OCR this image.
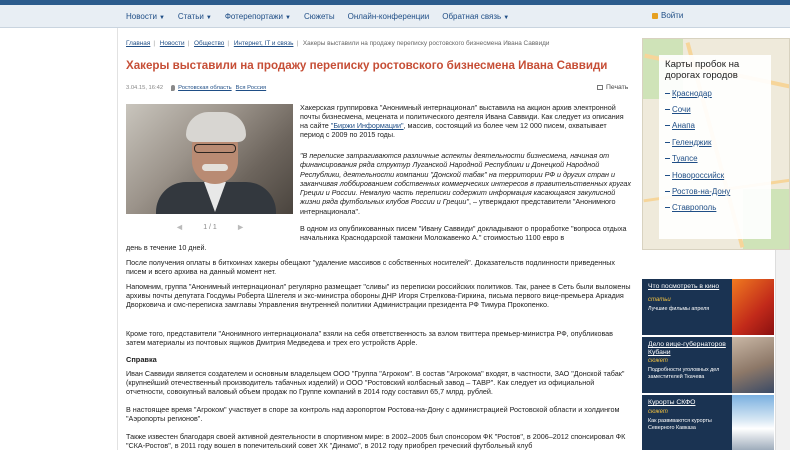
Новости ▼ Статьи ▼ Фотерепортажи ▼ Сюжеты Онлайн-конференции Обратная связь ▼	Войти
Главная | Новости | Общество | Интернет, IT и связь | Хакеры выставили на продажу переписку ростовского бизнесмена Ивана Саввиди
Хакеры выставили на продажу переписку ростовского бизнесмена Ивана Саввиди
3.04.15, 16:42	Ростовская область Вся Россия	Печать
◄	1 / 1 ►

Хакерская группировка "Анонимный интернационал" выставила на акцион архив электронной почты бизнесмена, мецената и политического деятеля Ивана Саввиди. Как следует из описания на сайте "Биржи Информации", массив, состоящий из более чем 12 000 писем, охватывает период с 2009 по 2015 годы.

"В переписке затрагиваются различные аспекты деятельности бизнесмена, начиная от финансирования ряда структур Луганской Народной Республики и Донецкой Народной Республики, деятельности компании "Донской табак" на территории РФ и других стран и заканчивая лоббированием собственных коммерческих интересов в правительственных кругах Греции и России. Немалую часть переписки содержит информация касающаяся закулисной жизни ряда футбольных клубов России и Греции", – утверждают представители "Анонимного интернационала".

В одном из опубликованных писем "Ивану Саввиди" докладывают о проработке "вопроса отдыха начальника Краснодарской таможни Моложавенко А." стоимостью 1100 евро в

день в течение 10 дней.

После получения оплаты в биткоинах хакеры обещают "удаление массивов с собственных носителей". Доказательств подлинности приведенных писем и всего архива на данный момент нет.

Напомним, группа "Анонимный интернационал" регулярно размещает "сливы" из переписки российских политиков. Так, ранее в Сеть были выложены архивы почты депутата Госдумы Роберта Шлегеля и экс-министра обороны ДНР Игоря Стрелкова-Гиркина, письма первого вице-премьера Аркадия Дворковича и смс-переписка замглавы Управления внутренней политики Администрации президента РФ Тимура Прокопенко.

Кроме того, представители "Анонимного интернационала" взяли на себя ответственность за взлом твиттера премьер-министра РФ, опубликовав затем материалы из почтовых ящиков Дмитрия Медведева и трех его устройств Apple.

Справка

Иван Саввиди является создателем и основным владельцем ООО "Группа "Агроком". В состав "Агрокома" входят, в частности, ЗАО "Донской табак" (крупнейший отечественный производитель табачных изделий) и ООО "Ростовский колбасный завод – ТАВР". Как следует из официальной отчетности, совокупный валовый объем продаж по Группе компаний в 2014 году составил 65,7 млрд. рублей.

В настоящее время "Агроком" участвует в споре за контроль над аэропортом Ростова-на-Дону с администрацией Ростовской области и холдингом "Аэропорты регионов".

Также известен благодаря своей активной деятельности в спортивном мире: в 2002–2005 был спонсором ФК "Ростов", в 2006–2012 спонсировал ФК "СКА-Ростов", в 2011 году вошел в попечительский совет ХК "Динамо", в 2012 году приобрел греческий футбольный клуб

Карты пробок на дорогах городов
Краснодар
Сочи
Анапа
Геленджик
Туапсе
Новороссийск
Ростов-на-Дону
Ставрополь
Что посмотреть в кино
статьи
Лучшие фильмы апреля
Дело вице-губернаторов Кубани
сюжет
Подробности уголовных дел заместителей Ткачева
Курорты СКФО
сюжет
Как развиваются курорты Северного Кавказа
